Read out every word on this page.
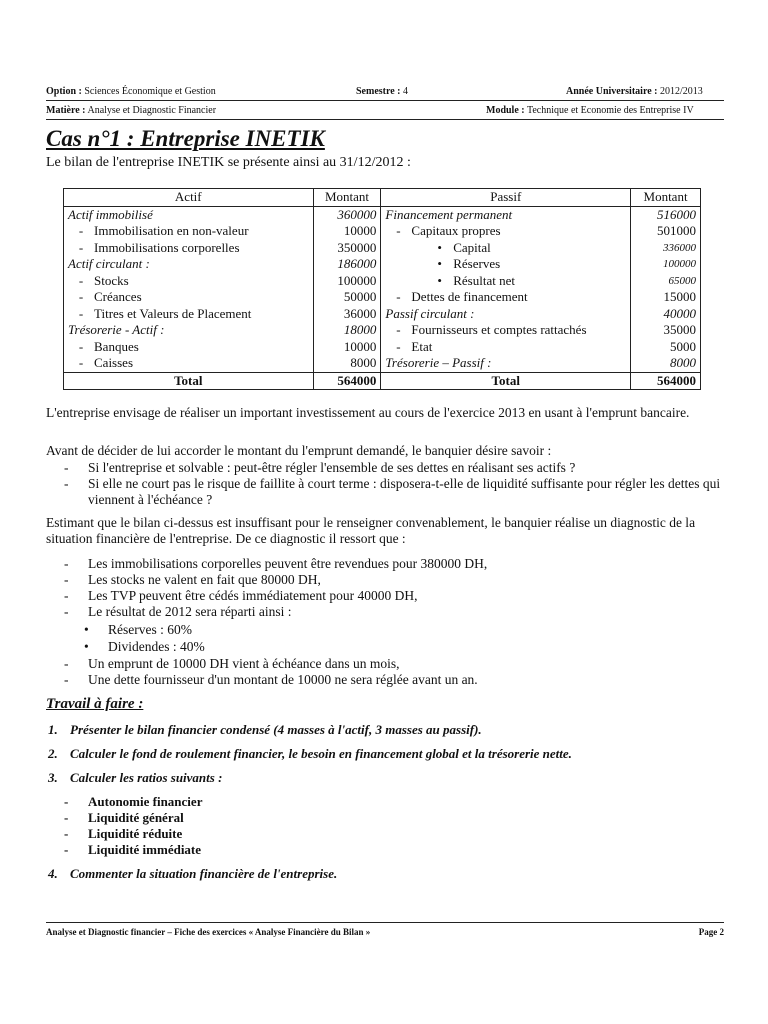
Option : Sciences Économique et Gestion	Semestre : 4	Année Universitaire : 2012/2013
Matière : Analyse et Diagnostic Financier	Module : Technique et Economie des Entreprise IV
Cas n°1 : Entreprise INETIK
Le bilan de l'entreprise INETIK se présente ainsi au 31/12/2012 :
Actif	Montant	Passif	Montant
Actif immobilisé	360000	Financement permanent	516000
- Immobilisation en non-valeur	10000	- Capitaux propres	501000
- Immobilisations corporelles	350000	• Capital	336000
Actif circulant :	186000	• Réserves	100000
- Stocks	100000	• Résultat net	65000
- Créances	50000	- Dettes de financement	15000
- Titres et Valeurs de Placement	36000	Passif circulant :	40000
Trésorerie - Actif :	18000	- Fournisseurs et comptes rattachés	35000
- Banques	10000	- Etat	5000
- Caisses	8000	Trésorerie – Passif :	8000
Total	564000	Total	564000
L'entreprise envisage de réaliser un important investissement au cours de l'exercice 2013 en usant à l'emprunt bancaire.
Avant de décider de lui accorder le montant du l'emprunt demandé, le banquier désire savoir :
-	Si l'entreprise et solvable : peut-être régler l'ensemble de ses dettes en réalisant ses actifs ?
-	Si elle ne court pas le risque de faillite à court terme : disposera-t-elle de liquidité suffisante pour régler les dettes qui viennent à l'échéance ?
Estimant que le bilan ci-dessus est insuffisant pour le renseigner convenablement, le banquier réalise un diagnostic de la situation financière de l'entreprise. De ce diagnostic il ressort que :
-	Les immobilisations corporelles peuvent être revendues pour 380000 DH,
-	Les stocks ne valent en fait que 80000 DH,
-	Les TVP peuvent être cédés immédiatement pour 40000 DH,
-	Le résultat de 2012 sera réparti ainsi :
•	Réserves : 60%
•	Dividendes : 40%
-	Un emprunt de 10000 DH vient à échéance dans un mois,
-	Une dette fournisseur d'un montant de 10000 ne sera réglée avant un an.
Travail à faire :
1. Présenter le bilan financier condensé (4 masses à l'actif, 3 masses au passif).
2. Calculer le fond de roulement financier, le besoin en financement global et la trésorerie nette.
3. Calculer les ratios suivants :
- Autonomie financier
- Liquidité général
- Liquidité réduite
- Liquidité immédiate
4. Commenter la situation financière de l'entreprise.
Analyse et Diagnostic financier – Fiche des exercices « Analyse Financière du Bilan »	Page 2
